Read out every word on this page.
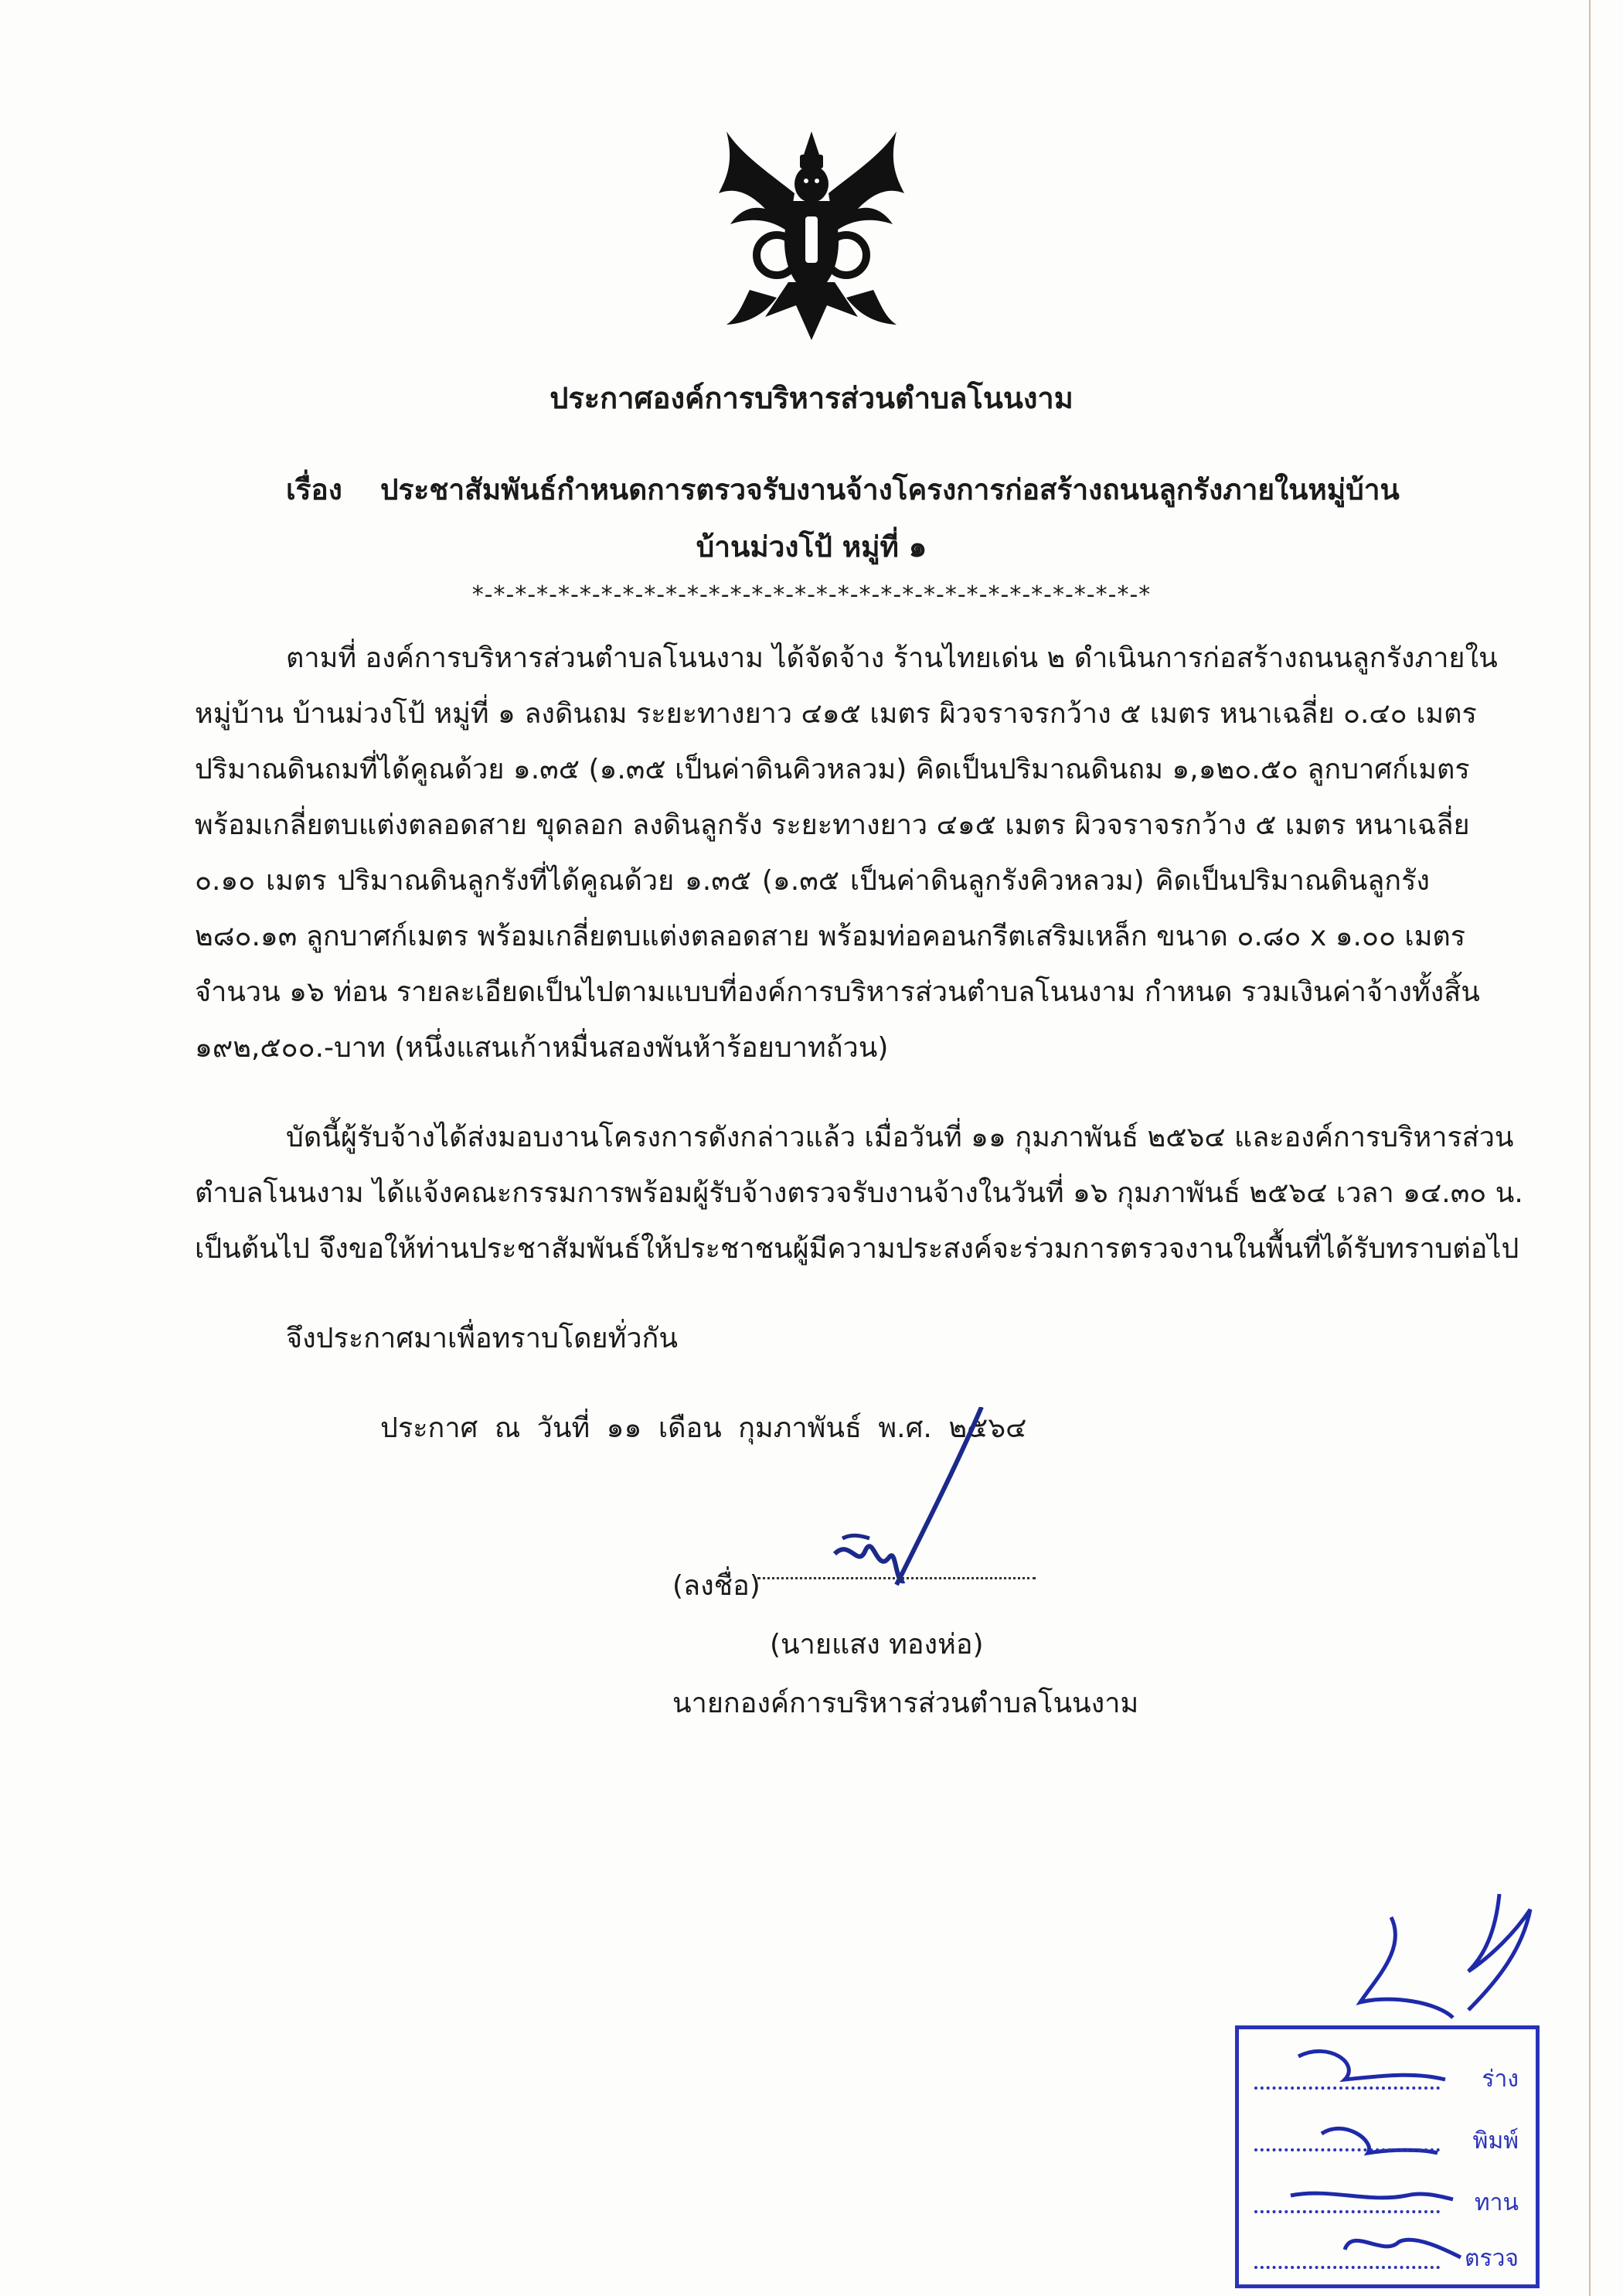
ประกาศองค์การบริหารส่วนตำบลโนนงาม
เรื่อง ประชาสัมพันธ์กำหนดการตรวจรับงานจ้างโครงการก่อสร้างถนนลูกรังภายในหมู่บ้าน
บ้านม่วงโป้ หมู่ที่ ๑
*-*-*-*-*-*-*-*-*-*-*-*-*-*-*-*-*-*-*-*-*-*-*-*-*-*-*-*-*-*-*-*
ตามที่ องค์การบริหารส่วนตำบลโนนงาม ได้จัดจ้าง ร้านไทยเด่น ๒ ดำเนินการก่อสร้างถนนลูกรังภายใน
หมู่บ้าน บ้านม่วงโป้ หมู่ที่ ๑ ลงดินถม ระยะทางยาว ๔๑๕ เมตร ผิวจราจรกว้าง ๕ เมตร หนาเฉลี่ย ๐.๔๐ เมตร
ปริมาณดินถมที่ได้คูณด้วย ๑.๓๕ (๑.๓๕ เป็นค่าดินคิวหลวม) คิดเป็นปริมาณดินถม ๑,๑๒๐.๕๐ ลูกบาศก์เมตร
พร้อมเกลี่ยตบแต่งตลอดสาย ขุดลอก ลงดินลูกรัง ระยะทางยาว ๔๑๕ เมตร ผิวจราจรกว้าง ๕ เมตร หนาเฉลี่ย
๐.๑๐ เมตร ปริมาณดินลูกรังที่ได้คูณด้วย ๑.๓๕ (๑.๓๕ เป็นค่าดินลูกรังคิวหลวม) คิดเป็นปริมาณดินลูกรัง
๒๘๐.๑๓ ลูกบาศก์เมตร พร้อมเกลี่ยตบแต่งตลอดสาย พร้อมท่อคอนกรีตเสริมเหล็ก ขนาด ๐.๘๐ x ๑.๐๐ เมตร
จำนวน ๑๖ ท่อน รายละเอียดเป็นไปตามแบบที่องค์การบริหารส่วนตำบลโนนงาม กำหนด รวมเงินค่าจ้างทั้งสิ้น
๑๙๒,๕๐๐.-บาท (หนึ่งแสนเก้าหมื่นสองพันห้าร้อยบาทถ้วน)
บัดนี้ผู้รับจ้างได้ส่งมอบงานโครงการดังกล่าวแล้ว เมื่อวันที่ ๑๑ กุมภาพันธ์ ๒๕๖๔ และองค์การบริหารส่วน
ตำบลโนนงาม ได้แจ้งคณะกรรมการพร้อมผู้รับจ้างตรวจรับงานจ้างในวันที่ ๑๖ กุมภาพันธ์ ๒๕๖๔ เวลา ๑๔.๓๐ น.
เป็นต้นไป จึงขอให้ท่านประชาสัมพันธ์ให้ประชาชนผู้มีความประสงค์จะร่วมการตรวจงานในพื้นที่ได้รับทราบต่อไป
จึงประกาศมาเพื่อทราบโดยทั่วกัน
ประกาศ ณ วันที่ ๑๑ เดือน กุมภาพันธ์ พ.ศ. ๒๕๖๔
(ลงชื่อ)
(นายแสง ทองห่อ)
นายกองค์การบริหารส่วนตำบลโนนงาม
ร่าง
พิมพ์
ทาน
ตรวจ
